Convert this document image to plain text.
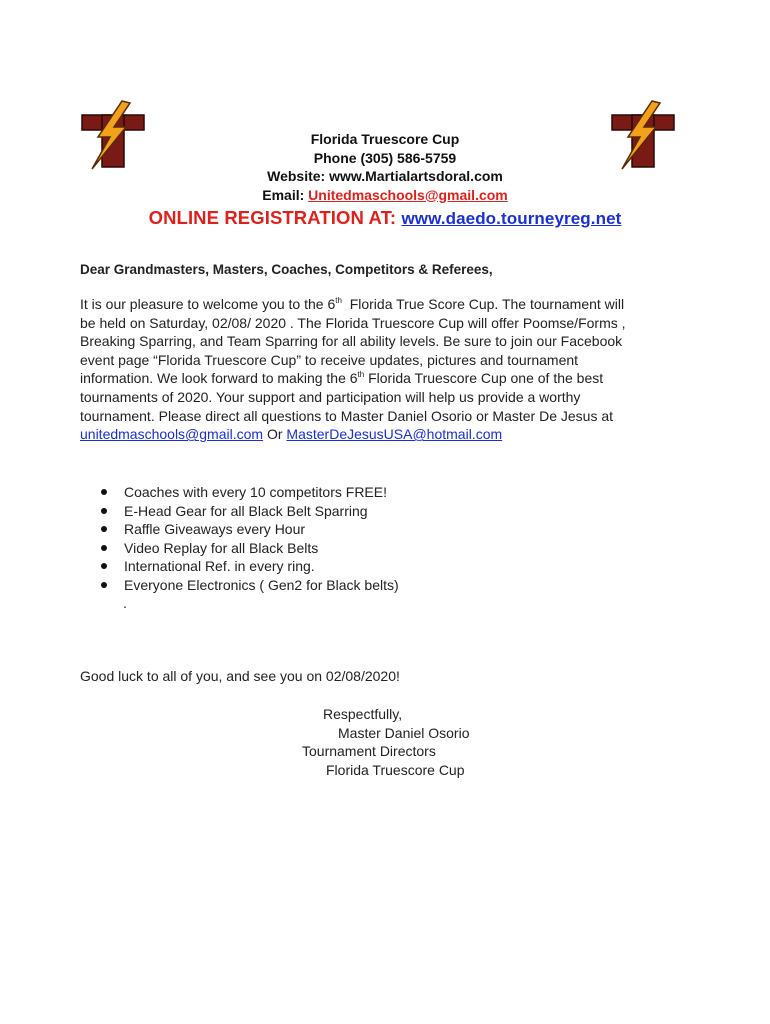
Florida Truescore Cup
Phone (305) 586-5759
Website: www.Martialartsdoral.com
Email: Unitedmaschools@gmail.com
ONLINE REGISTRATION AT: www.daedo.tourneyreg.net
Dear Grandmasters, Masters, Coaches, Competitors & Referees,

It is our pleasure to welcome you to the 6th  Florida True Score Cup. The tournament will

be held on Saturday, 02/08/ 2020 . The Florida Truescore Cup will offer Poomse/Forms ,

Breaking Sparring, and Team Sparring for all ability levels. Be sure to join our Facebook

event page “Florida Truescore Cup” to receive updates, pictures and tournament

information. We look forward to making the 6th Florida Truescore Cup one of the best

tournaments of 2020. Your support and participation will help us provide a worthy

tournament. Please direct all questions to Master Daniel Osorio or Master De Jesus at

unitedmaschools@gmail.com Or MasterDeJesusUSA@hotmail.com

Coaches with every 10 competitors FREE!
E-Head Gear for all Black Belt Sparring
Raffle Giveaways every Hour
Video Replay for all Black Belts
International Ref. in every ring.
Everyone Electronics ( Gen2 for Black belts)
.
Good luck to all of you, and see you on 02/08/2020!
Respectfully,
Master Daniel Osorio
Tournament Directors
Florida Truescore Cup
